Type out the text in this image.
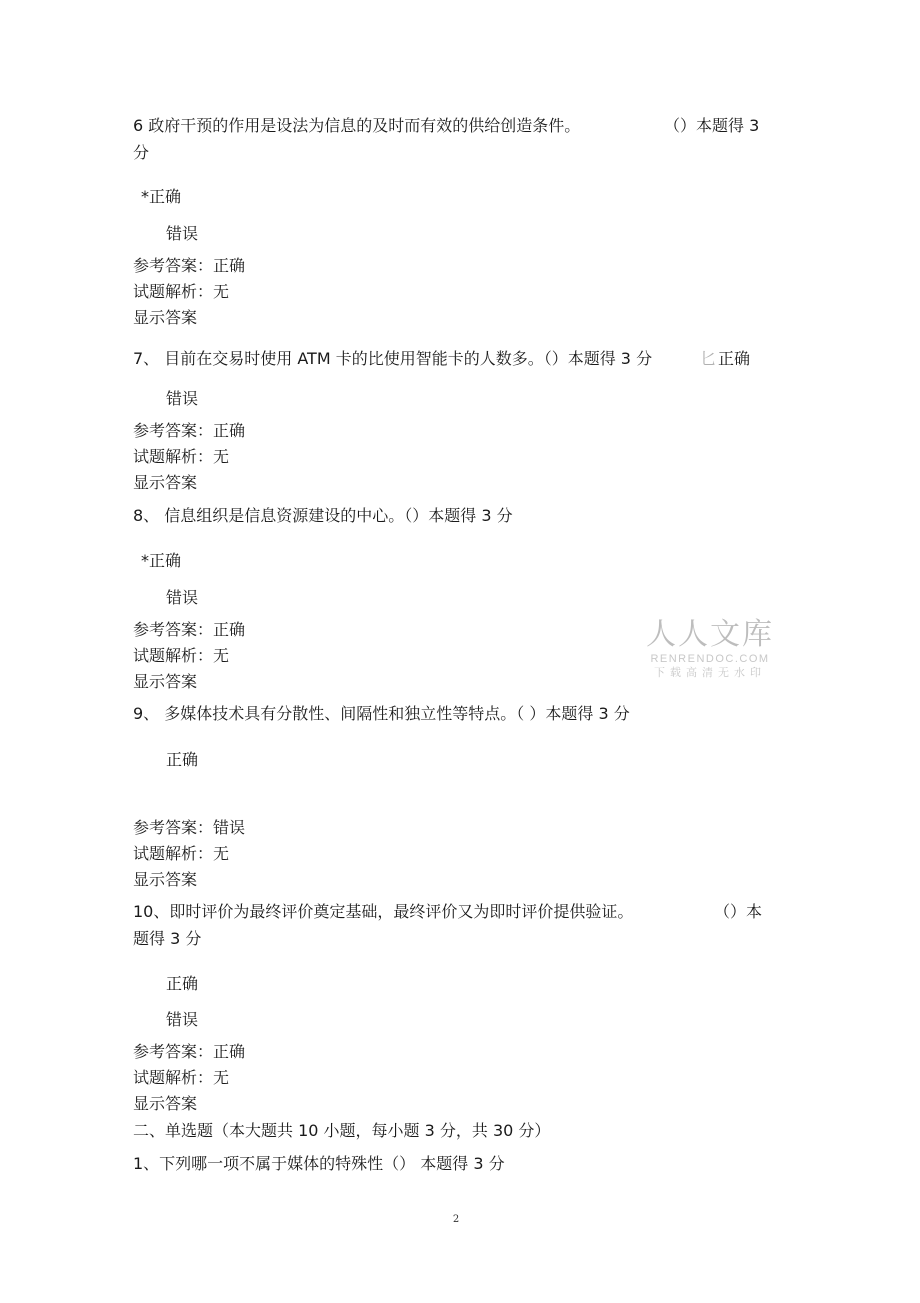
6 政府干预的作用是设法为信息的及时而有效的供给创造条件。	（）本题得 3
分
*正确
错误
参考答案：正确
试题解析：无
显示答案
7、 目前在交易时使用 ATM 卡的比使用智能卡的人数多。（）本题得 3 分	匕 正确
错误
参考答案：正确
试题解析：无
显示答案
8、 信息组织是信息资源建设的中心。（）本题得 3 分
*正确
错误
参考答案：正确
试题解析：无
显示答案
人人文库
RENRENDOC.COM
下载高清无水印
9、 多媒体技术具有分散性、间隔性和独立性等特点。（ ）本题得 3 分
正确
参考答案：错误
试题解析：无
显示答案
10、即时评价为最终评价奠定基础，最终评价又为即时评价提供验证。	（）本
题得 3 分
正确
错误
参考答案：正确
试题解析：无
显示答案
二、单选题（本大题共 10 小题，每小题 3 分，共 30 分）
1、下列哪一项不属于媒体的特殊性（） 本题得 3 分
2
